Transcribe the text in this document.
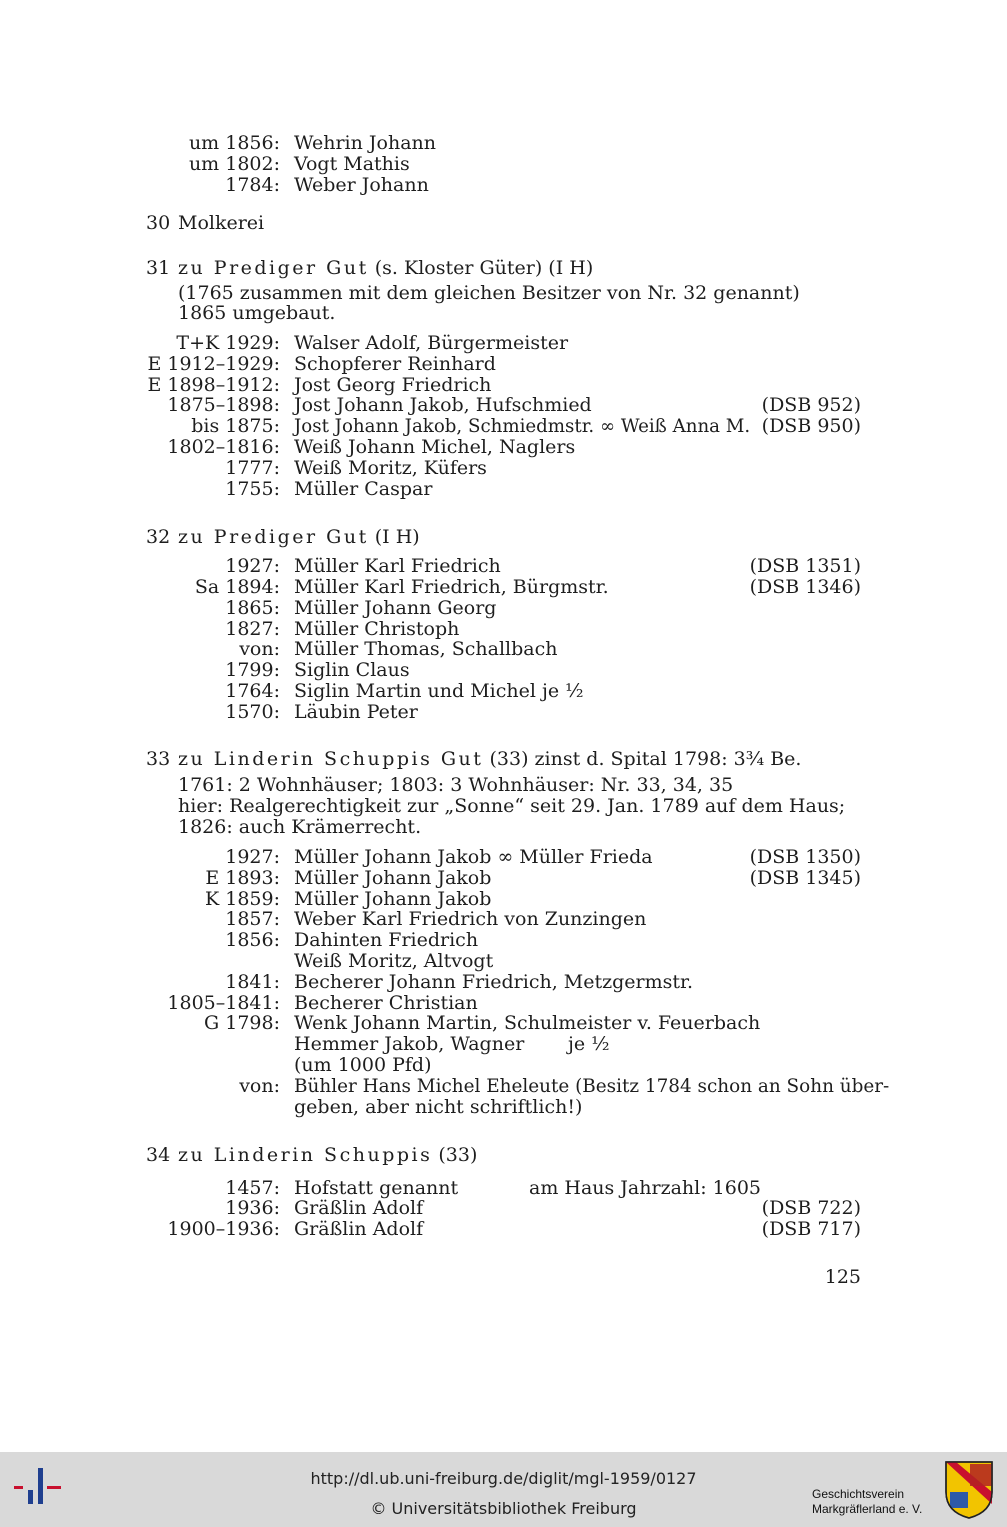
um 1856: Wehrin Johann
um 1802: Vogt Mathis
1784: Weber Johann
30 Molkerei
31 zu Prediger Gut (s. Kloster Güter) (I H)
(1765 zusammen mit dem gleichen Besitzer von Nr. 32 genannt)
1865 umgebaut.
T+K 1929: Walser Adolf, Bürgermeister
E 1912–1929: Schopferer Reinhard
E 1898–1912: Jost Georg Friedrich
1875–1898: Jost Johann Jakob, Hufschmied	(DSB 952)
bis 1875: Jost Johann Jakob, Schmiedmstr. ∞ Weiß Anna M. (DSB 950)
1802–1816: Weiß Johann Michel, Naglers
1777: Weiß Moritz, Küfers
1755: Müller Caspar
32 zu Prediger Gut (I H)
1927: Müller Karl Friedrich	(DSB 1351)
Sa 1894: Müller Karl Friedrich, Bürgmstr.	(DSB 1346)
1865: Müller Johann Georg
1827: Müller Christoph
von: Müller Thomas, Schallbach
1799: Siglin Claus
1764: Siglin Martin und Michel je ½
1570: Läubin Peter
33 zu Linderin Schuppis Gut (33) zinst d. Spital 1798: 3¾ Be.
1761: 2 Wohnhäuser; 1803: 3 Wohnhäuser: Nr. 33, 34, 35
hier: Realgerechtigkeit zur „Sonne“ seit 29. Jan. 1789 auf dem Haus;
1826: auch Krämerrecht.
1927: Müller Johann Jakob ∞ Müller Frieda	(DSB 1350)
E 1893: Müller Johann Jakob	(DSB 1345)
K 1859: Müller Johann Jakob
1857: Weber Karl Friedrich von Zunzingen
1856: Dahinten Friedrich
Weiß Moritz, Altvogt
1841: Becherer Johann Friedrich, Metzgermstr.
1805–1841: Becherer Christian
G 1798: Wenk Johann Martin, Schulmeister v. Feuerbach
Hemmer Jakob, Wagner je ½
(um 1000 Pfd)
von: Bühler Hans Michel Eheleute (Besitz 1784 schon an Sohn über-
geben, aber nicht schriftlich!)
34 zu Linderin Schuppis (33)
1457: Hofstatt genannt	am Haus Jahrzahl: 1605
1936: Gräßlin Adolf	(DSB 722)
1900–1936: Gräßlin Adolf	(DSB 717)
125
http://dl.ub.uni-freiburg.de/diglit/mgl-1959/0127
© Universitätsbibliothek Freiburg
Geschichtsverein
Markgräflerland e. V.
